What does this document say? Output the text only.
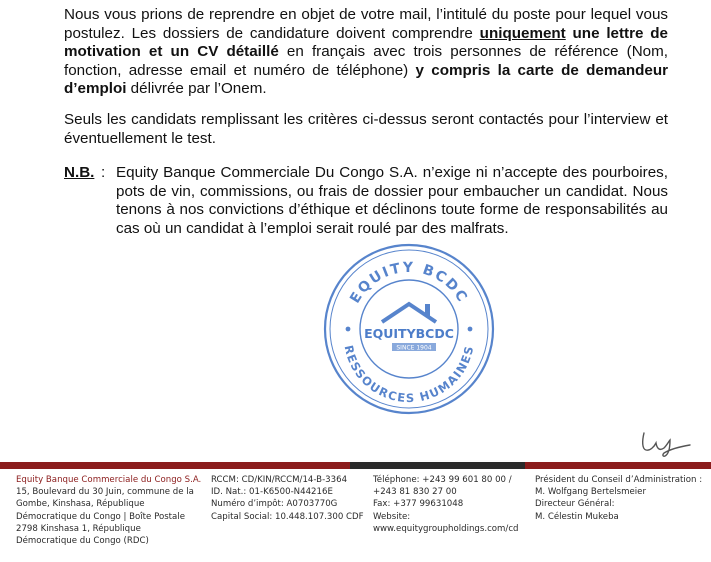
Nous vous prions de reprendre en objet de votre mail, l’intitulé du poste pour lequel vous postulez. Les dossiers de candidature doivent comprendre uniquement une lettre de motivation et un CV détaillé en français avec trois personnes de référence (Nom, fonction, adresse email et numéro de téléphone) y compris la carte de demandeur d’emploi délivrée par l’Onem.
Seuls les candidats remplissant les critères ci-dessus seront contactés pour l’interview et éventuellement le test.
N.B. : Equity Banque Commerciale Du Congo S.A. n’exige ni n’accepte des pourboires, pots de vin, commissions, ou frais de dossier pour embaucher un candidat. Nous tenons à nos convictions d’éthique et déclinons toute forme de responsabilités au cas où un candidat à l’emploi serait roulé par des malfrats.
EQUITY BCDC
RESSOURCES HUMAINES
EQUITYBCDC
SINCE 1904
Equity Banque Commerciale du Congo S.A.
15, Boulevard du 30 Juin, commune de la
Gombe, Kinshasa, République
Démocratique du Congo | Boîte Postale
2798 Kinshasa 1, République
Démocratique du Congo (RDC)
RCCM: CD/KIN/RCCM/14-B-3364
ID. Nat.: 01-K6500-N44216E
Numéro d’impôt: A0703770G
Capital Social: 10.448.107.300 CDF
Téléphone: +243 99 601 80 00 /
+243 81 830 27 00
Fax: +377 99631048
Website:
www.equitygroupholdings.com/cd
Président du Conseil d’Administration :
M. Wolfgang Bertelsmeier
Directeur Général:
M. Célestin Mukeba
